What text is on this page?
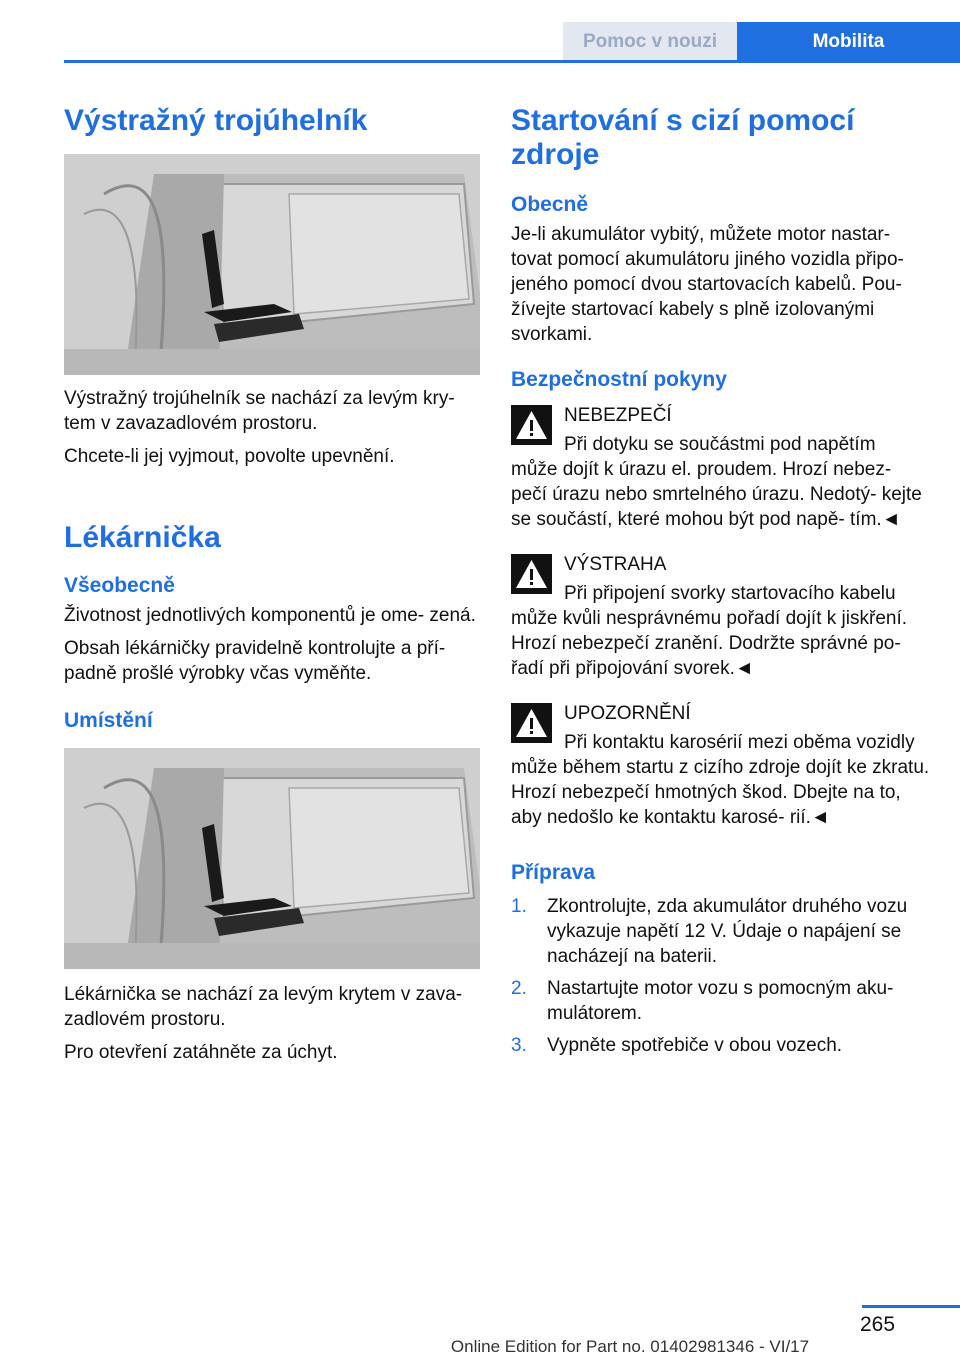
Pomoc v nouzi	Mobilita
Výstražný trojúhelník

Výstražný trojúhelník se nachází za levým kry- tem v zavazadlovém prostoru.

Chcete-li jej vyjmout, povolte upevnění.

Lékárnička
Všeobecně

Životnost jednotlivých komponentů je ome- zená.

Obsah lékárničky pravidelně kontrolujte a pří- padně prošlé výrobky včas vyměňte.

Umístění

Lékárnička se nachází za levým krytem v zava- zadlovém prostoru.

Pro otevření zatáhněte za úchyt.

Startování s cizí pomocí zdroje
Obecně

Je-li akumulátor vybitý, můžete motor nastar- tovat pomocí akumulátoru jiného vozidla připo- jeného pomocí dvou startovacích kabelů. Pou- žívejte startovací kabely s plně izolovanými svorkami.

Bezpečnostní pokyny
NEBEZPEČÍ

Při dotyku se součástmi pod napětím

může dojít k úrazu el. proudem. Hrozí nebez- pečí úrazu nebo smrtelného úrazu. Nedotý- kejte se součástí, které mohou být pod napě- tím.◄

VÝSTRAHA

Při připojení svorky startovacího kabelu

může kvůli nesprávnému pořadí dojít k jiskření. Hrozí nebezpečí zranění. Dodržte správné po- řadí při připojování svorek.◄

UPOZORNĚNÍ

Při kontaktu karosérií mezi oběma vozidly

může během startu z cizího zdroje dojít ke zkratu. Hrozí nebezpečí hmotných škod. Dbejte na to, aby nedošlo ke kontaktu karosé- rií.◄

Příprava
1. Zkontrolujte, zda akumulátor druhého vozu vykazuje napětí 12 V. Údaje o napájení se nacházejí na baterii.
2. Nastartujte motor vozu s pomocným aku- mulátorem.
3. Vypněte spotřebiče v obou vozech.
265
Online Edition for Part no. 01402981346 - VI/17
